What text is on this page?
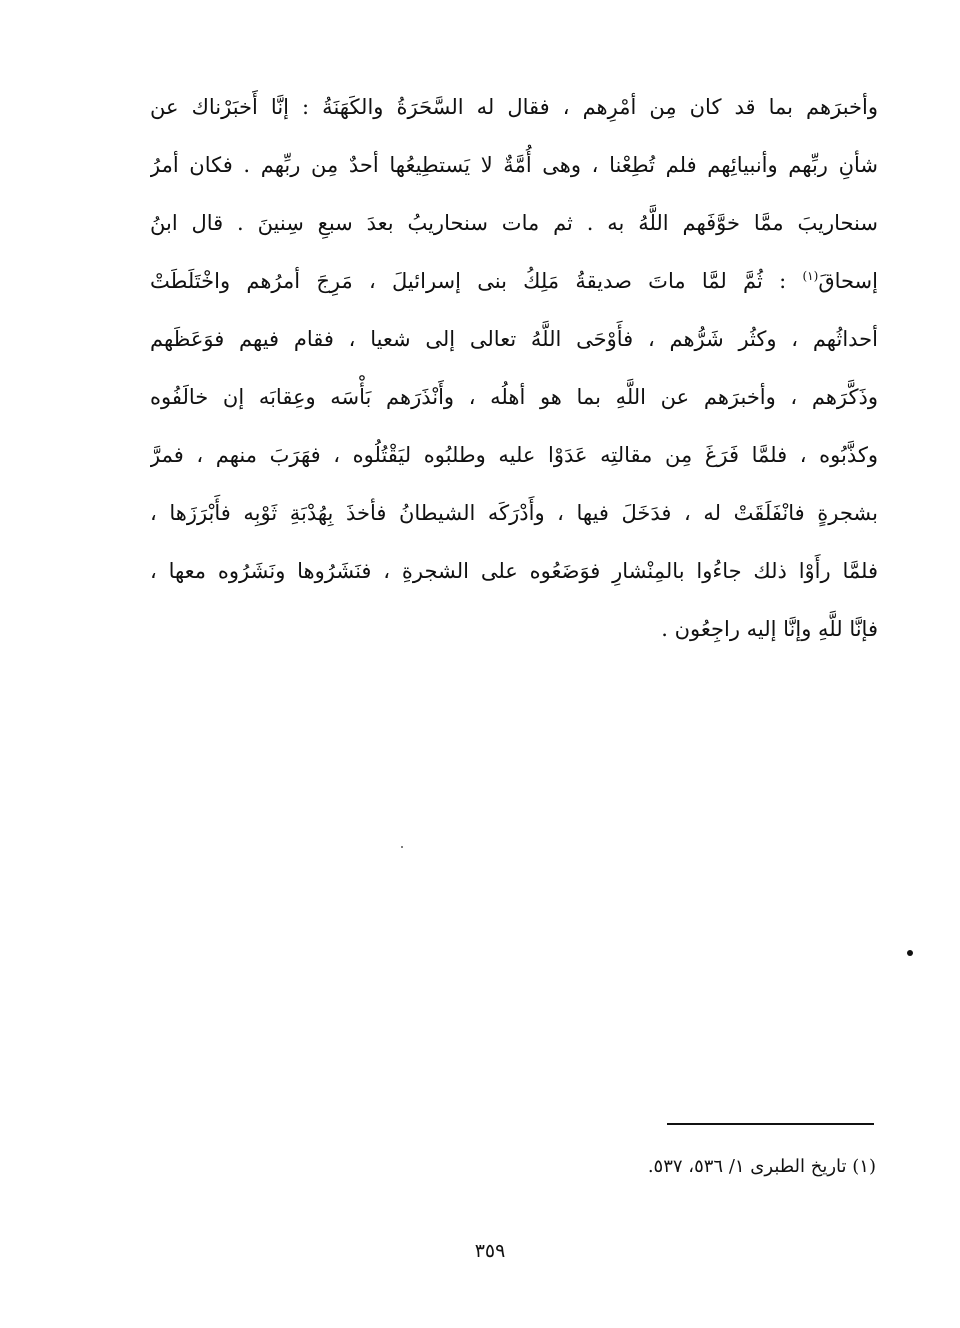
وأخبرَهم بما قد كان مِن أمْرِهم ، فقال له السَّحَرَةُ والكَهَنَةُ : إنَّا أَخبَرْناك عن
شأنِ ربِّهم وأنبيائِهم فلم تُطِعْنا ، وهى أُمَّةٌ لا يَستطِيعُها أحدٌ مِن ربِّهم . فكان أمرُ
سنحاريبَ ممَّا خوَّفَهم اللَّهُ به . ثم مات سنحاريبُ بعدَ سبعِ سِنينَ . قال ابنُ
إسحاقَ$^{(١)}$ : ثُمَّ لمَّا ماتَ صديقةُ مَلِكُ بنى إسرائيلَ ، مَرِجَ أمرُهم واخْتَلَطَتْ
أحداثُهم ، وكثُر شَرُّهم ، فأَوْحَى اللَّهُ تعالى إلى شعيا ، فقام فيهم فوَعَظَهم
وذَكَّرَهم ، وأخبرَهم عن اللَّهِ بما هو أهلُه ، وأَنْذَرَهم بَأْسَه وعِقابَه إن خالَفُوه
وكذَّبُوه ، فلمَّا فَرَغَ مِن مقالتِه عَدَوْا عليه وطلبُوه ليَقْتُلُوه ، فهَرَبَ منهم ، فمرَّ
بشجرةٍ فانْفَلَقَتْ له ، فدَخَلَ فيها ، وأَدْرَكَه الشيطانُ فأخذَ بِهُدْبَةِ ثَوْبِه فأَبْرَزَها ،
فلمَّا رأَوْا ذلك جاءُوا بالمِنْشارِ فوَضَعُوه على الشجرةِ ، فنَشَرُوها ونَشَرُوه معها ،
فإنَّا للَّهِ وإنَّا إليه راجِعُون .
(١) تاريخ الطبرى ١/ ٥٣٦، ٥٣٧.
٣٥٩
